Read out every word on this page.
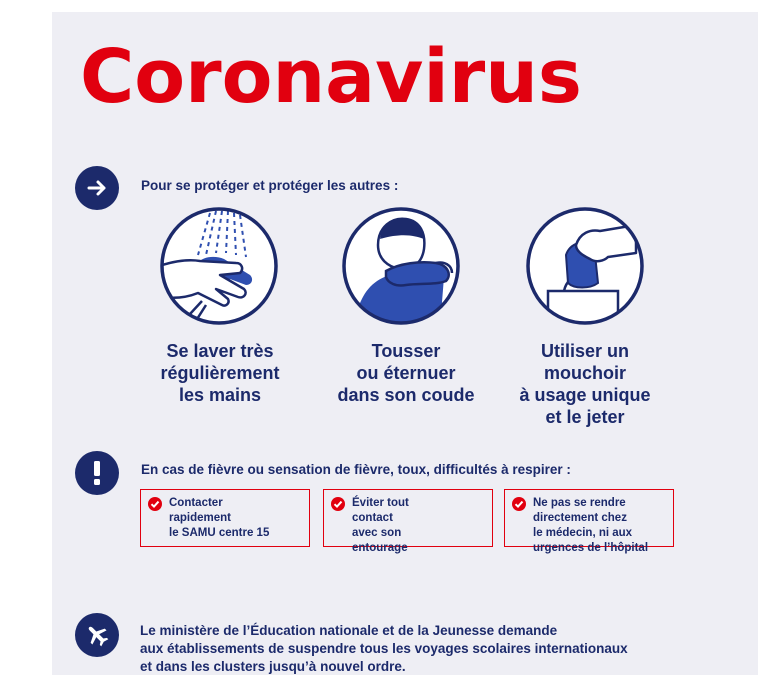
Coronavirus
Pour se protéger et protéger les autres :
Se laver très
régulièrement
les mains
Tousser
ou éternuer
dans son coude
Utiliser un
mouchoir
à usage unique
et le jeter
En cas de fièvre ou sensation de fièvre, toux, difficultés à respirer :
Contacter
rapidement
le SAMU centre 15
Éviter tout
contact
avec son
entourage
Ne pas se rendre
directement chez
le médecin, ni aux
urgences de l’hôpital
Le ministère de l’Éducation nationale et de la Jeunesse demande
aux établissements de suspendre tous les voyages scolaires internationaux
et dans les clusters jusqu’à nouvel ordre.
